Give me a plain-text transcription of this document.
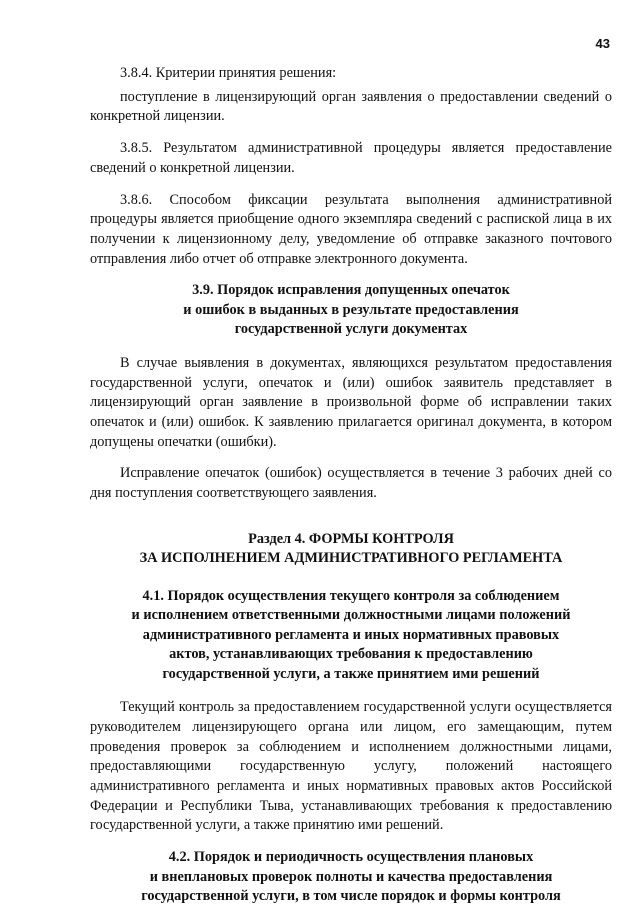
43
3.8.4. Критерии принятия решения:
поступление в лицензирующий орган заявления о предоставлении сведений о конкретной лицензии.
3.8.5. Результатом административной процедуры является предоставление сведений о конкретной лицензии.
3.8.6. Способом фиксации результата выполнения административной процедуры является приобщение одного экземпляра сведений с распиской лица в их получении к лицензионному делу, уведомление об отправке заказного почтового отправления либо отчет об отправке электронного документа.
3.9. Порядок исправления допущенных опечаток
и ошибок в выданных в результате предоставления
государственной услуги документах
В случае выявления в документах, являющихся результатом предоставления государственной услуги, опечаток и (или) ошибок заявитель представляет в лицензирующий орган заявление в произвольной форме об исправлении таких опечаток и (или) ошибок. К заявлению прилагается оригинал документа, в котором допущены опечатки (ошибки).
Исправление опечаток (ошибок) осуществляется в течение 3 рабочих дней со дня поступления соответствующего заявления.
Раздел 4. ФОРМЫ КОНТРОЛЯ
ЗА ИСПОЛНЕНИЕМ АДМИНИСТРАТИВНОГО РЕГЛАМЕНТА
4.1. Порядок осуществления текущего контроля за соблюдением
и исполнением ответственными должностными лицами положений
административного регламента и иных нормативных правовых
актов, устанавливающих требования к предоставлению
государственной услуги, а также принятием ими решений
Текущий контроль за предоставлением государственной услуги осуществляется руководителем лицензирующего органа или лицом, его замещающим, путем проведения проверок за соблюдением и исполнением должностными лицами, предоставляющими государственную услугу, положений настоящего административного регламента и иных нормативных правовых актов Российской Федерации и Республики Тыва, устанавливающих требования к предоставлению государственной услуги, а также принятию ими решений.
4.2. Порядок и периодичность осуществления плановых
и внеплановых проверок полноты и качества предоставления
государственной услуги, в том числе порядок и формы контроля
